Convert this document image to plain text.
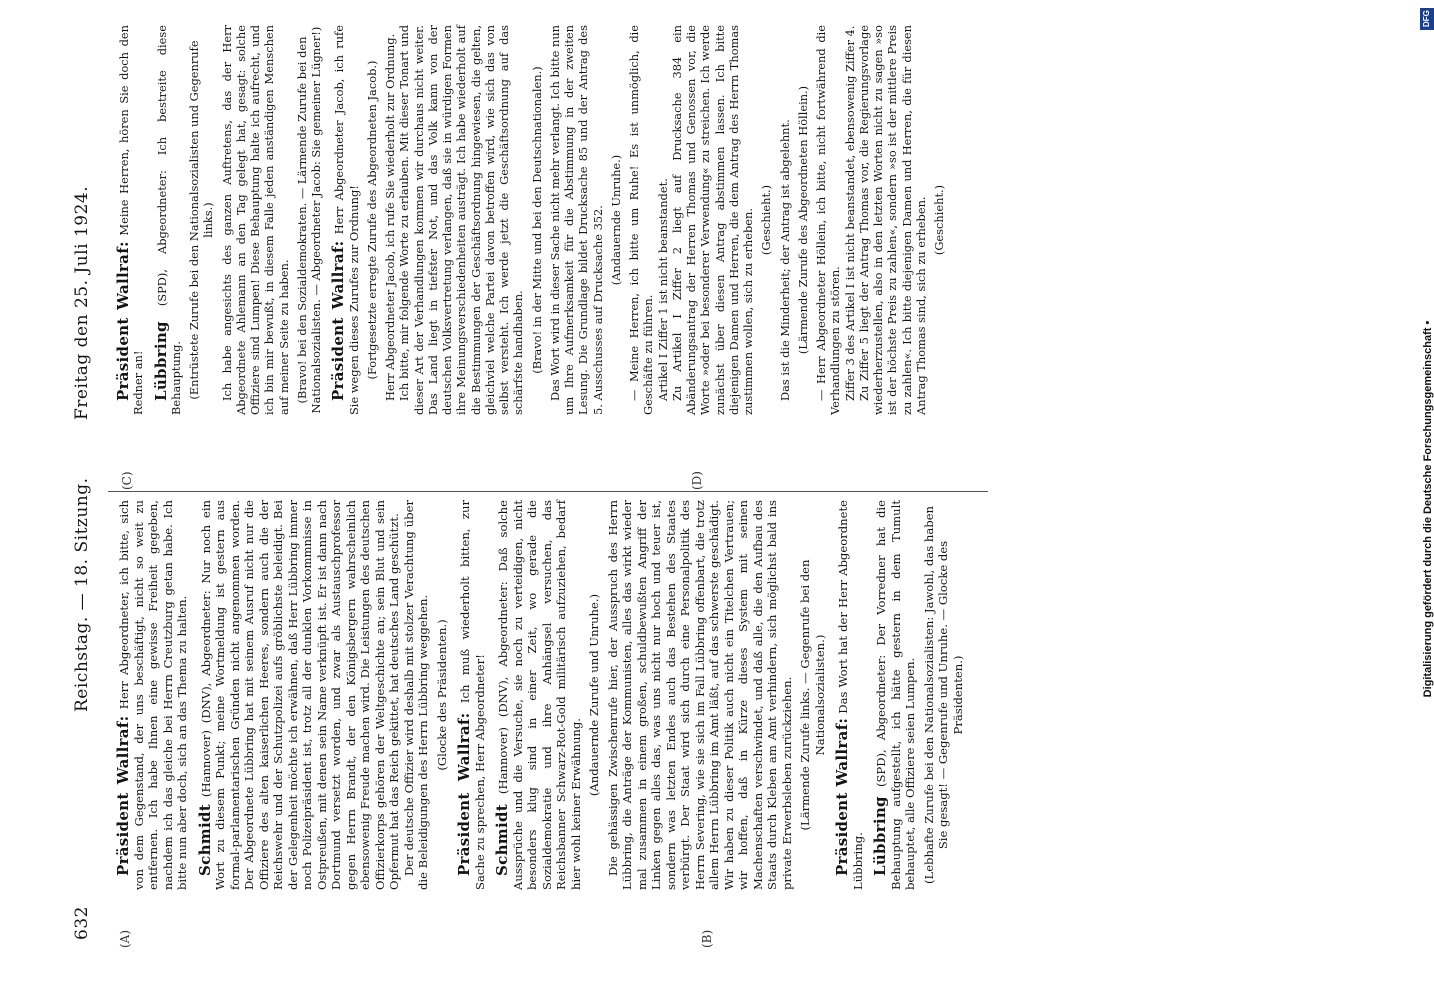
632
Reichstag. — 18. Sitzung.
Freitag den 25. Juli 1924.
(A)	(B)
(C)	(D)

Präsident Wallraf: Herr Abgeordneter, ich bitte, sich von dem Gegenstand, der uns beschäftigt, nicht so weit zu entfernen. Ich habe Ihnen eine gewisse Freiheit gegeben, nachdem ich das gleiche bei Herrn Creutzburg getan habe. Ich bitte nun aber doch, sich an das Thema zu halten. Schmidt (Hannover) (DNV), Abgeordneter: Nur noch ein Wort zu diesem Punkt; meine Wortmeldung ist gestern aus formal-parlamentarischen Gründen nicht angenommen worden. Der Abgeordnete Lübbring hat mit seinem Ausruf nicht nur die Offiziere des alten kaiserlichen Heeres, sondern auch die der Reichswehr und der Schutzpolizei aufs gröblichste beleidigt. Bei der Gelegenheit möchte ich erwähnen, daß Herr Lübbring immer noch Polizeipräsident ist, trotz all der dunklen Vorkommnisse in Ostpreußen, mit denen sein Name verknüpft ist. Er ist dann nach Dortmund versetzt worden, und zwar als Austauschprofessor gegen Herrn Brandt, der den Königsbergern wahrscheinlich ebensowenig Freude machen wird. Die Leistungen des deutschen Offizierkorps gehören der Weltgeschichte an; sein Blut und sein Opfermut hat das Reich gekittet, hat deutsches Land geschützt. Der deutsche Offizier wird deshalb mit stolzer Verachtung über die Beleidigungen des Herrn Lübbring weggehen. (Glocke des Präsidenten.)

Präsident Wallraf: Ich muß wiederholt bitten, zur Sache zu sprechen, Herr Abgeordneter! Schmidt (Hannover) (DNV), Abgeordneter: Daß solche Aussprüche und die Versuche, sie noch zu verteidigen, nicht besonders klug sind in einer Zeit, wo gerade die Sozialdemokratie und ihre Anhängsel versuchen, das Reichsbanner Schwarz-Rot-Gold militärisch aufzuziehen, bedarf hier wohl keiner Erwähnung.

(Andauernde Zurufe und Unruhe.) Die gehässigen Zwischenrufe hier, der Ausspruch des Herrn Lübbring, die Anträge der Kommunisten, alles das wirkt wieder mal zusammen in einem großen, schuldbewußten Angriff der Linken gegen alles das, was uns nicht nur hoch und teuer ist, sondern was letzten Endes auch das Bestehen des Staates verbürgt. Der Staat wird sich durch eine Personalpolitik des Herrn Severing, wie sie sich im Fall Lübbring offenbart, die trotz allem Herrn Lübbring im Amt läßt, auf das schwerste geschädigt. Wir haben zu dieser Politik auch nicht ein Titelchen Vertrauen; wir hoffen, daß in Kürze dieses System mit seinen Machenschaften verschwindet, und daß alle, die den Aufbau des Staats durch Kleben am Amt verhindern, sich möglichst bald ins private Erwerbsleben zurückziehen. (Lärmende Zurufe links. — Gegenrufe bei den Nationalsozialisten.)

Präsident Wallraf: Das Wort hat der Herr Abgeordnete Lübbring. Lübbring (SPD), Abgeordneter: Der Vorredner hat die Behauptung aufgestellt, ich hätte gestern in dem Tumult behauptet, alle Offiziere seien Lumpen. (Lebhafte Zurufe bei den Nationalsozialisten: Jawohl, das haben Sie gesagt! — Gegenrufe und Unruhe. — Glocke des Präsidenten.)

Präsident Wallraf: Meine Herren, hören Sie doch den Redner an! Lübbring (SPD), Abgeordneter: Ich bestreite diese Behauptung. (Entrüstete Zurufe bei den Nationalsozialisten und Gegenrufe links.) Ich habe angesichts des ganzen Auftretens, das der Herr Abgeordnete Ahlemann an den Tag gelegt hat, gesagt: solche Offiziere sind Lumpen! Diese Behauptung halte ich aufrecht, und ich bin mir bewußt, in diesem Falle jeden anständigen Menschen auf meiner Seite zu haben. (Bravo! bei den Sozialdemokraten. — Lärmende Zurufe bei den Nationalsozialisten. — Abgeordneter Jacob: Sie gemeiner Lügner!) Präsident Wallraf: Herr Abgeordneter Jacob, ich rufe Sie wegen dieses Zurufes zur Ordnung! (Fortgesetzte erregte Zurufe des Abgeordneten Jacob.) Herr Abgeordneter Jacob, ich rufe Sie wiederholt zur Ordnung. Ich bitte, mir folgende Worte zu erlauben. Mit dieser Tonart und dieser Art der Verhandlungen kommen wir durchaus nicht weiter. Das Land liegt in tiefster Not, und das Volk kann von der deutschen Volksvertretung verlangen, daß sie in würdigen Formen ihre Meinungsverschiedenheiten austrägt. Ich habe wiederholt auf die Bestimmungen der Geschäftsordnung hingewiesen, die gelten, gleichviel welche Partei davon betroffen wird, wie sich das von selbst versteht. Ich werde jetzt die Geschäftsordnung auf das schärfste handhaben. (Bravo! in der Mitte und bei den Deutschnationalen.) Das Wort wird in dieser Sache nicht mehr verlangt. Ich bitte nun um Ihre Aufmerksamkeit für die Abstimmung in der zweiten Lesung. Die Grundlage bildet Drucksache 85 und der Antrag des 5. Ausschusses auf Drucksache 352. (Andauernde Unruhe.) — Meine Herren, ich bitte um Ruhe! Es ist unmöglich, die Geschäfte zu führen. Artikel I Ziffer 1 ist nicht beanstandet. Zu Artikel I Ziffer 2 liegt auf Drucksache 384 ein Abänderungsantrag der Herren Thomas und Genossen vor, die Worte »oder bei besonderer Verwendung« zu streichen. Ich werde zunächst über diesen Antrag abstimmen lassen. Ich bitte diejenigen Damen und Herren, die dem Antrag des Herrn Thomas zustimmen wollen, sich zu erheben. (Geschieht.) Das ist die Minderheit; der Antrag ist abgelehnt. (Lärmende Zurufe des Abgeordneten Höllein.) — Herr Abgeordneter Höllein, ich bitte, nicht fortwährend die Verhandlungen zu stören. Ziffer 3 des Artikel I ist nicht beanstandet, ebensowenig Ziffer 4. Zu Ziffer 5 liegt der Antrag Thomas vor, die Regierungsvorlage wiederherzustellen, also in den letzten Worten nicht zu sagen »so ist der höchste Preis zu zahlen«, sondern »so ist der mittlere Preis zu zahlen«. Ich bitte diejenigen Damen und Herren, die für diesen Antrag Thomas sind, sich zu erheben. (Geschieht.)

Digitalisierung gefördert durch die Deutsche Forschungsgemeinschaft •
DFG
